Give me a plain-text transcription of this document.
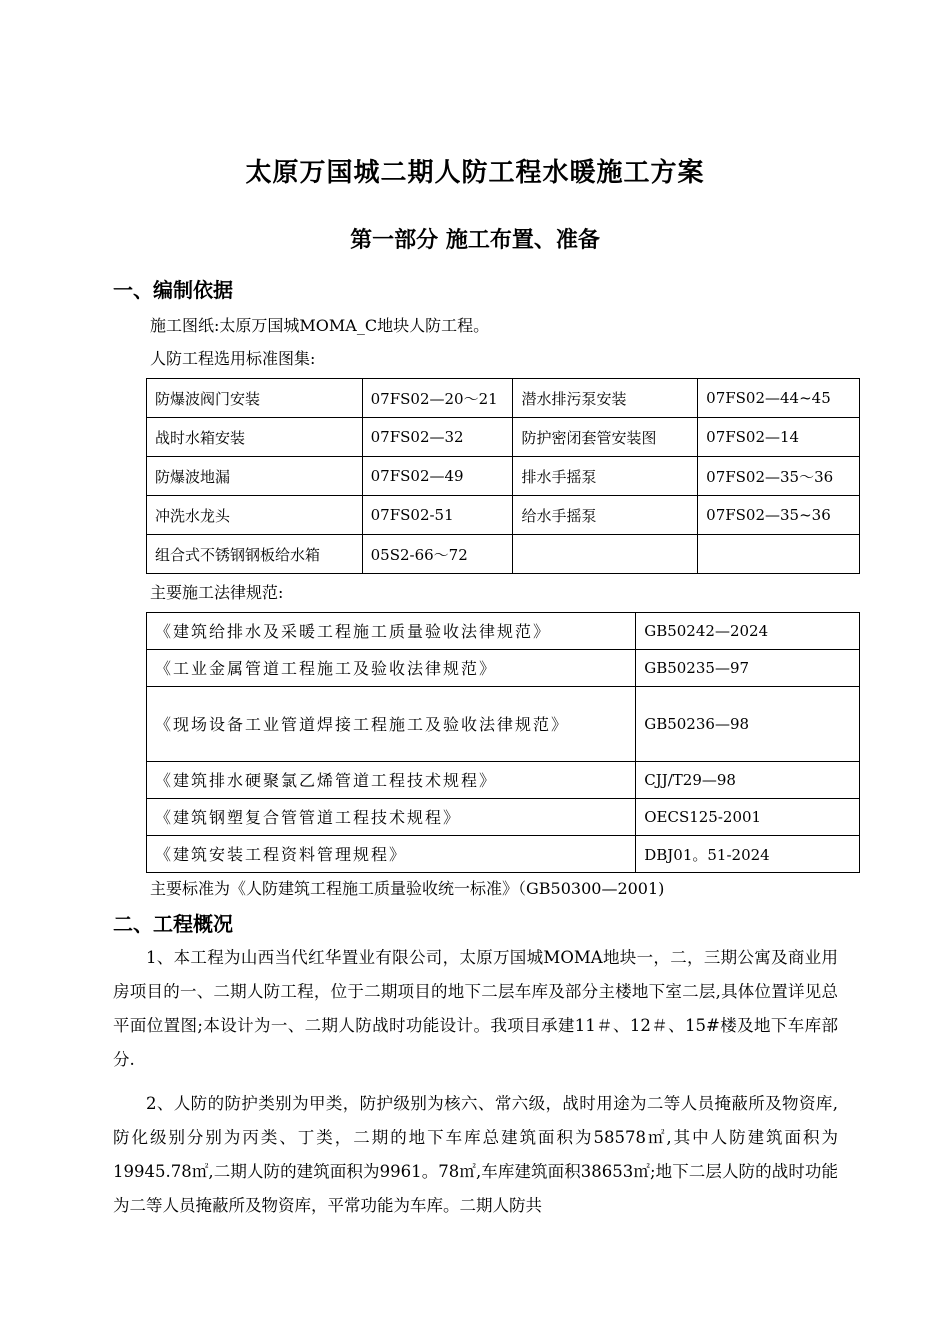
太原万国城二期人防工程水暖施工方案
第一部分 施工布置、准备
一、编制依据
施工图纸:太原万国城MOMA_C地块人防工程。
人防工程选用标准图集:
防爆波阀门安装	07FS02—20～21	潜水排污泵安装	07FS02—44~45
战时水箱安装	07FS02—32	防护密闭套管安装图	07FS02—14
防爆波地漏	07FS02—49	排水手摇泵	07FS02—35～36
冲洗水龙头	07FS02-51	给水手摇泵	07FS02—35~36
组合式不锈钢钢板给水箱	05S2-66～72		
主要施工法律规范:
《建筑给排水及采暖工程施工质量验收法律规范》	GB50242—2024
《工业金属管道工程施工及验收法律规范》	GB50235—97
《现场设备工业管道焊接工程施工及验收法律规范》	GB50236—98
《建筑排水硬聚氯乙烯管道工程技术规程》	CJJ/T29—98
《建筑钢塑复合管管道工程技术规程》	OECS125-2001
《建筑安装工程资料管理规程》	DBJ01。51-2024
主要标准为《人防建筑工程施工质量验收统一标准》（GB50300—2001)
二、工程概况
1、本工程为山西当代红华置业有限公司，太原万国城MOMA地块一，二，三期公寓及商业用房项目的一、二期人防工程，位于二期项目的地下二层车库及部分主楼地下室二层,具体位置详见总平面位置图;本设计为一、二期人防战时功能设计。我项目承建11＃、12＃、15#楼及地下车库部分.
2、人防的防护类别为甲类，防护级别为核六、常六级，战时用途为二等人员掩蔽所及物资库,防化级别分别为丙类、丁类，二期的地下车库总建筑面积为58578㎡,其中人防建筑面积为19945.78㎡,二期人防的建筑面积为9961。78㎡,车库建筑面积38653㎡;地下二层人防的战时功能为二等人员掩蔽所及物资库，平常功能为车库。二期人防共
